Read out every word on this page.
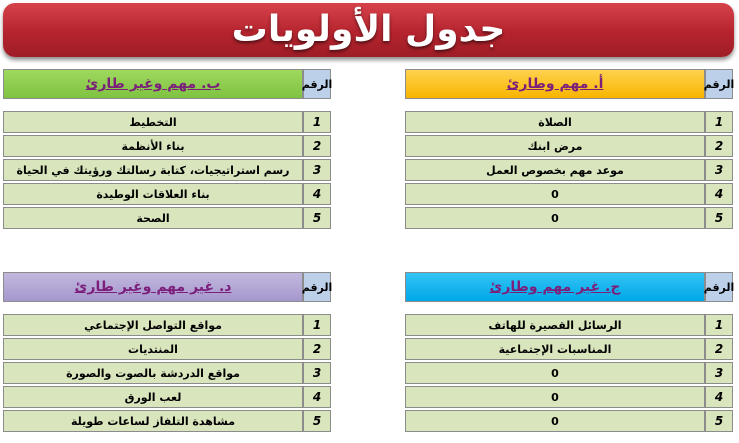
جدول الأولويات
ب. مهم وغير طارئ	الرقم
التخطيط	1
بناء الأنظمة	2
رسم استراتيجيات، كتابة رسالتك ورؤيتك في الحياة	3
بناء العلاقات الوطيدة	4
الصحة	5
أ. مهم وطارئ	الرقم
الصلاة	1
مرض ابنك	2
موعد مهم بخصوص العمل	3
0	4
0	5
د. غير مهم وغير طارئ	الرقم
مواقع التواصل الإجتماعي	1
المنتديات	2
مواقع الدردشة بالصوت والصورة	3
لعب الورق	4
مشاهدة التلفاز لساعات طويلة	5
ج. غير مهم وطارئ	الرقم
الرسائل القصيرة للهاتف	1
المناسبات الإجتماعية	2
0	3
0	4
0	5
